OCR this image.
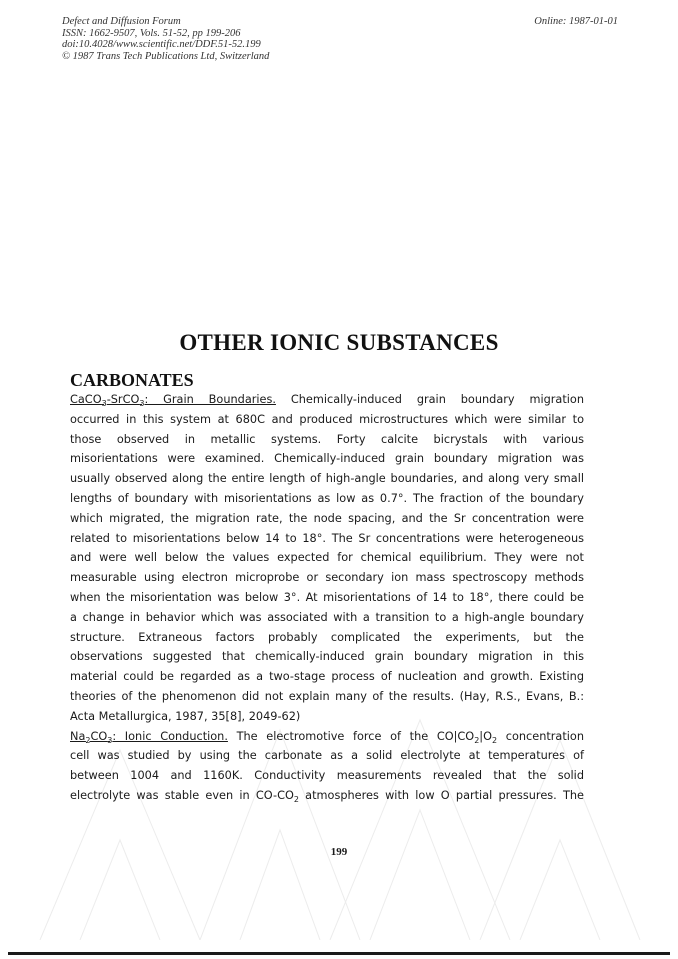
Defect and Diffusion Forum
ISSN: 1662-9507, Vols. 51-52, pp 199-206
doi:10.4028/www.scientific.net/DDF.51-52.199
© 1987 Trans Tech Publications Ltd, Switzerland
Online: 1987-01-01
OTHER IONIC SUBSTANCES
CARBONATES
CaCO$_3$-SrCO$_3$: Grain Boundaries. Chemically-induced grain boundary migration
occurred in this system at 680C and produced microstructures which were similar to
those observed in metallic systems. Forty calcite bicrystals with various
misorientations were examined. Chemically-induced grain boundary migration was
usually observed along the entire length of high-angle boundaries, and along very small
lengths of boundary with misorientations as low as 0.7°. The fraction of the boundary
which migrated, the migration rate, the node spacing, and the Sr concentration were
related to misorientations below 14 to 18°. The Sr concentrations were heterogeneous
and were well below the values expected for chemical equilibrium. They were not
measurable using electron microprobe or secondary ion mass spectroscopy methods
when the misorientation was below 3°. At misorientations of 14 to 18°, there could be
a change in behavior which was associated with a transition to a high-angle boundary
structure. Extraneous factors probably complicated the experiments, but the
observations suggested that chemically-induced grain boundary migration in this
material could be regarded as a two-stage process of nucleation and growth. Existing
theories of the phenomenon did not explain many of the results. (Hay, R.S., Evans, B.:
Acta Metallurgica, 1987, 35[8], 2049-62)
$Na_2CO_3$: Ionic Conduction. The electromotive force of the $CO|CO_2|O_2$ concentration
cell was studied by using the carbonate as a solid electrolyte at temperatures of
between 1004 and 1160K. Conductivity measurements revealed that the solid
electrolyte was stable even in $CO-CO_2$ atmospheres with low O partial pressures. The
199
